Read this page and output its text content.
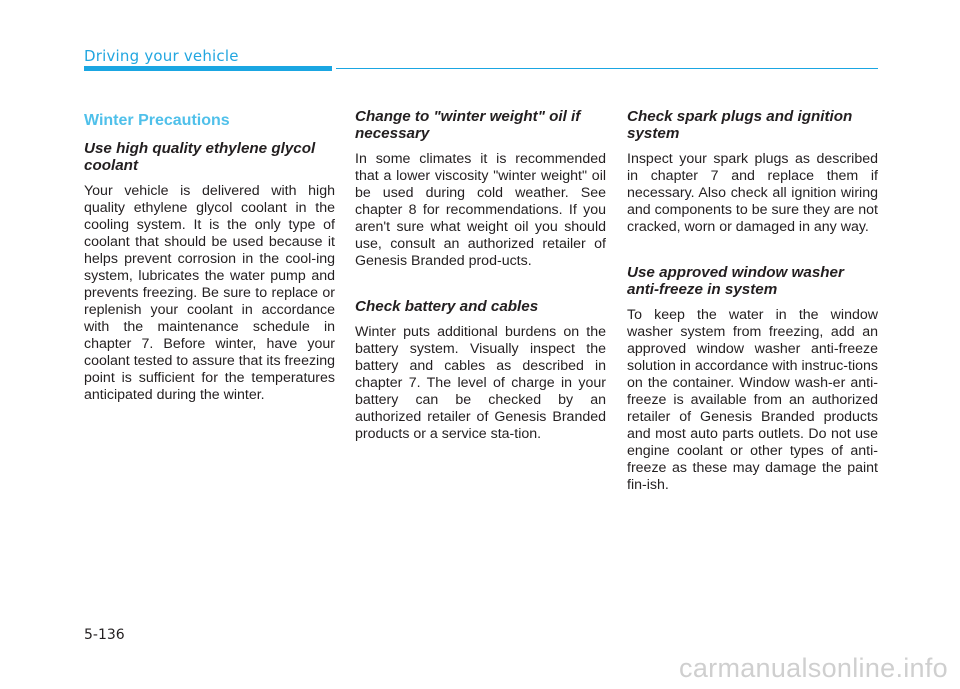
Driving your vehicle
Winter Precautions
Use high quality ethylene glycol coolant

Your vehicle is delivered with high quality ethylene glycol coolant in the cooling system. It is the only type of coolant that should be used because it helps prevent corrosion in the cool-ing system, lubricates the water pump and prevents freezing. Be sure to replace or replenish your coolant in accordance with the maintenance schedule in chapter 7. Before winter, have your coolant tested to assure that its freezing point is sufficient for the temperatures anticipated during the winter.

Change to "winter weight" oil if necessary

In some climates it is recommended that a lower viscosity "winter weight" oil be used during cold weather. See chapter 8 for recommendations. If you aren't sure what weight oil you should use, consult an authorized retailer of Genesis Branded prod-ucts.

Check battery and cables

Winter puts additional burdens on the battery system. Visually inspect the battery and cables as described in chapter 7. The level of charge in your battery can be checked by an authorized retailer of Genesis Branded products or a service sta-tion.

Check spark plugs and ignition system

Inspect your spark plugs as described in chapter 7 and replace them if necessary. Also check all ignition wiring and components to be sure they are not cracked, worn or damaged in any way.

Use approved window washer anti-freeze in system

To keep the water in the window washer system from freezing, add an approved window washer anti-freeze solution in accordance with instruc-tions on the container. Window wash-er anti-freeze is available from an authorized retailer of Genesis Branded products and most auto parts outlets. Do not use engine coolant or other types of anti-freeze as these may damage the paint fin-ish.

5-136
carmanualsonline.info
